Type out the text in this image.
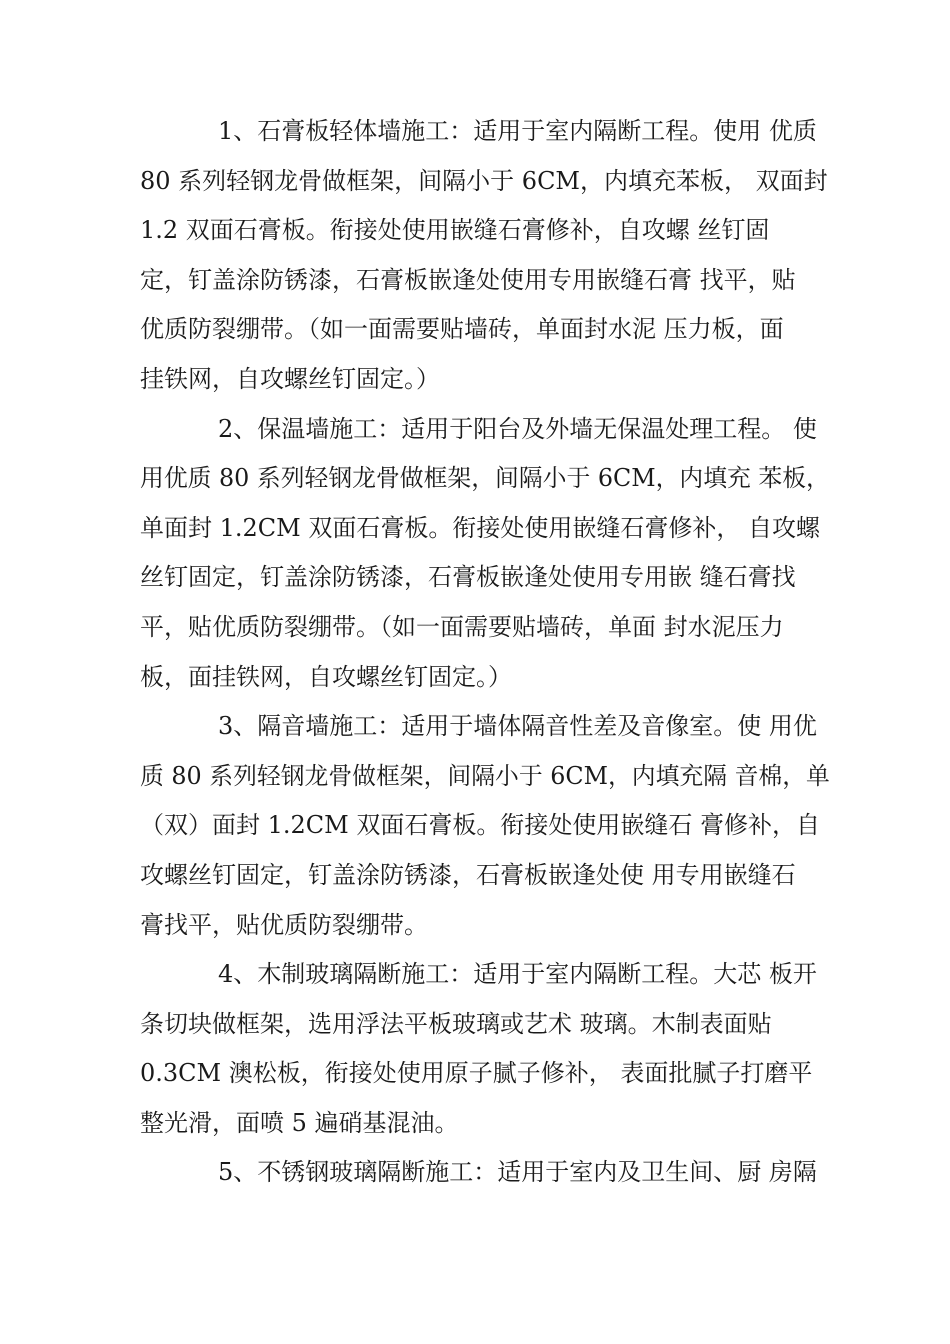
1、石膏板轻体墙施工：适用于室内隔断工程。使用 优质
80 系列轻钢龙骨做框架，间隔小于 6CM，内填充苯板， 双面封
1.2 双面石膏板。衔接处使用嵌缝石膏修补，自攻螺 丝钉固
定，钉盖涂防锈漆，石膏板嵌逢处使用专用嵌缝石膏 找平，贴
优质防裂绷带。（如一面需要贴墙砖，单面封水泥 压力板，面
挂铁网，自攻螺丝钉固定。）
2、保温墙施工：适用于阳台及外墙无保温处理工程。 使
用优质 80 系列轻钢龙骨做框架，间隔小于 6CM，内填充 苯板，
单面封 1.2CM 双面石膏板。衔接处使用嵌缝石膏修补， 自攻螺
丝钉固定，钉盖涂防锈漆，石膏板嵌逢处使用专用嵌 缝石膏找
平，贴优质防裂绷带。（如一面需要贴墙砖，单面 封水泥压力
板，面挂铁网，自攻螺丝钉固定。）
3、隔音墙施工：适用于墙体隔音性差及音像室。使 用优
质 80 系列轻钢龙骨做框架，间隔小于 6CM，内填充隔 音棉，单
（双）面封 1.2CM 双面石膏板。衔接处使用嵌缝石 膏修补，自
攻螺丝钉固定，钉盖涂防锈漆，石膏板嵌逢处使 用专用嵌缝石
膏找平，贴优质防裂绷带。
4、木制玻璃隔断施工：适用于室内隔断工程。大芯 板开
条切块做框架，选用浮法平板玻璃或艺术 玻璃。木制表面贴
0.3CM 澳松板，衔接处使用原子腻子修补， 表面批腻子打磨平
整光滑，面喷 5 遍硝基混油。
5、不锈钢玻璃隔断施工：适用于室内及卫生间、厨 房隔
